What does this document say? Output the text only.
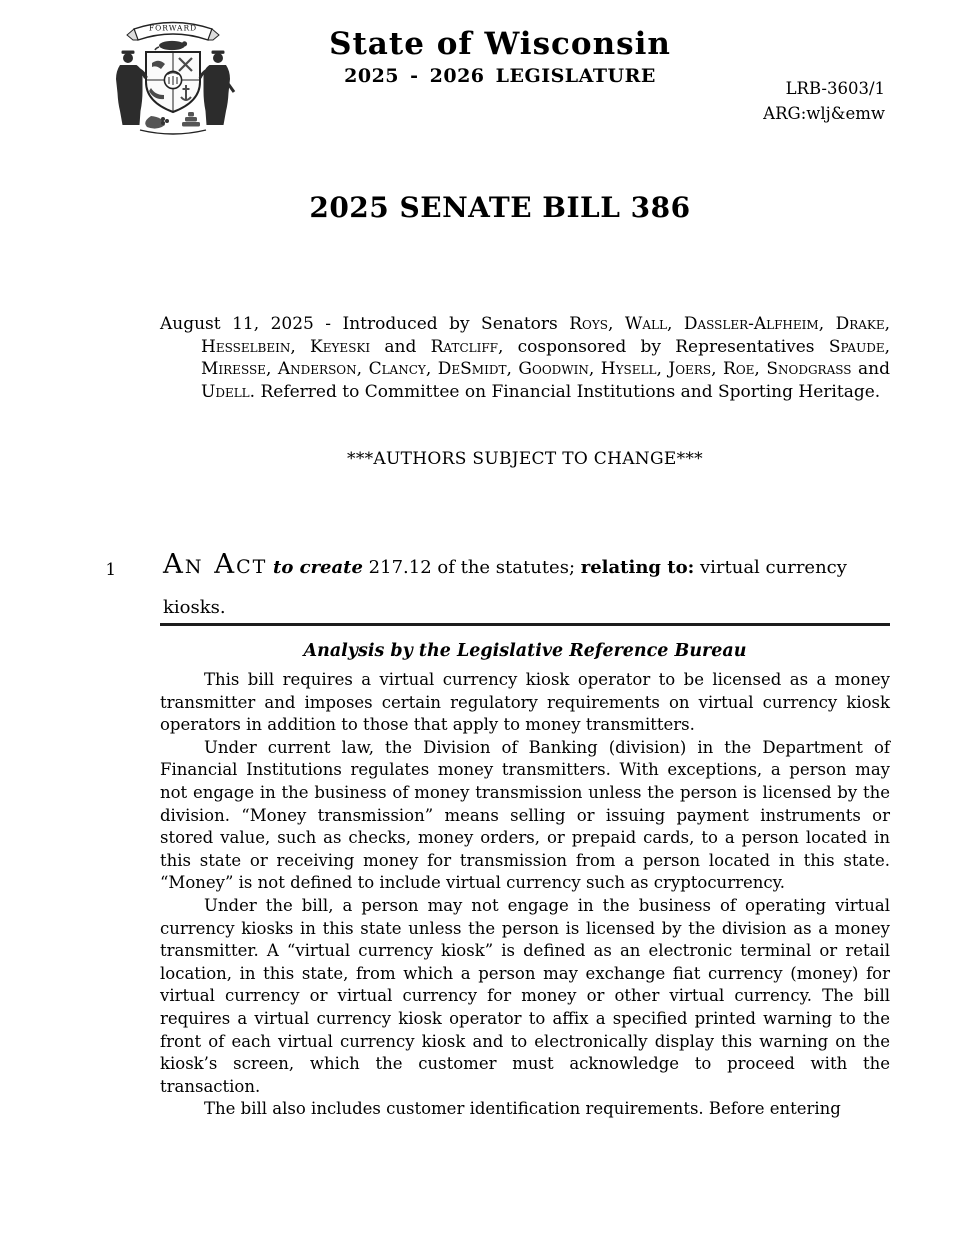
FORWARD	State of Wisconsin
2025 - 2026 LEGISLATURE
LRB-3603/1
ARG:wlj&emw
2025 SENATE BILL 386

August 11, 2025 - Introduced by Senators Roys, Wall, Dassler-Alfheim, Drake, Hesselbein, Keyeski and Ratcliff, cosponsored by Representatives Spaude, Miresse, Anderson, Clancy, DeSmidt, Goodwin, Hysell, Joers, Roe, Snodgrass and Udell. Referred to Committee on Financial Institutions and Sporting Heritage.

***AUTHORS SUBJECT TO CHANGE***
1 An Act to create 217.12 of the statutes; relating to: virtual currency kiosks.

Analysis by the Legislative Reference Bureau

This bill requires a virtual currency kiosk operator to be licensed as a money transmitter and imposes certain regulatory requirements on virtual currency kiosk operators in addition to those that apply to money transmitters.

Under current law, the Division of Banking (division) in the Department of Financial Institutions regulates money transmitters. With exceptions, a person may not engage in the business of money transmission unless the person is licensed by the division. “Money transmission” means selling or issuing payment instruments or stored value, such as checks, money orders, or prepaid cards, to a person located in this state or receiving money for transmission from a person located in this state. “Money” is not defined to include virtual currency such as cryptocurrency.

Under the bill, a person may not engage in the business of operating virtual currency kiosks in this state unless the person is licensed by the division as a money transmitter. A “virtual currency kiosk” is defined as an electronic terminal or retail location, in this state, from which a person may exchange fiat currency (money) for virtual currency or virtual currency for money or other virtual currency. The bill requires a virtual currency kiosk operator to affix a specified printed warning to the front of each virtual currency kiosk and to electronically display this warning on the kiosk’s screen, which the customer must acknowledge to proceed with the transaction.

The bill also includes customer identification requirements. Before entering
